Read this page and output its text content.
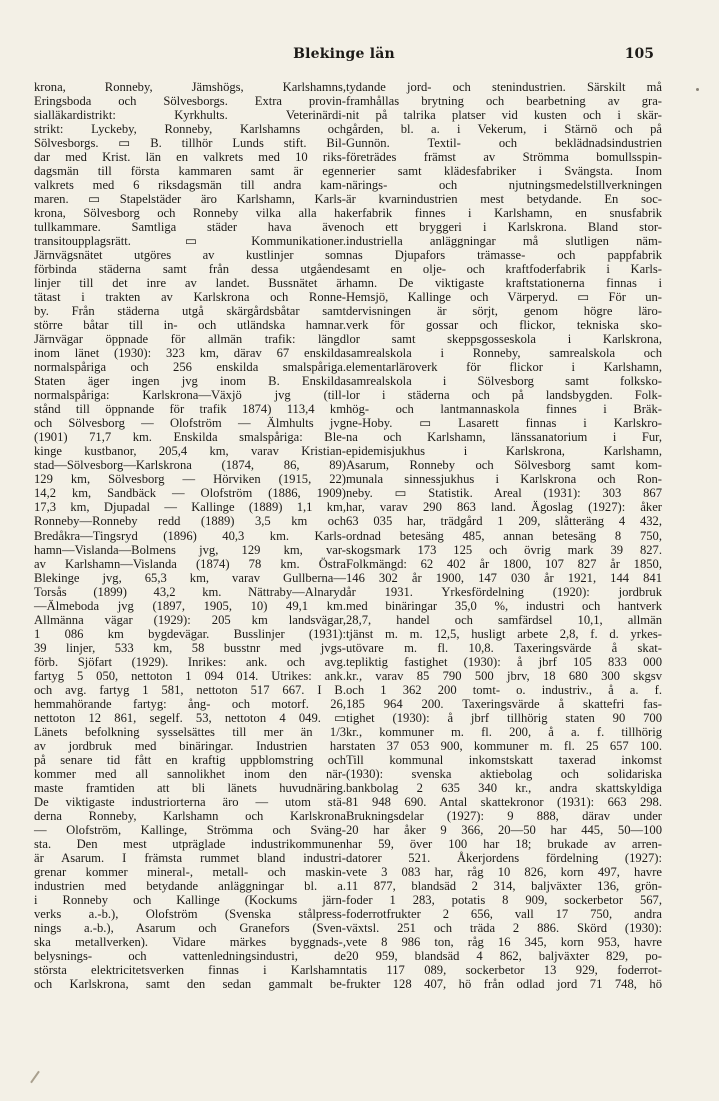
Blekinge län	105
krona, Ronneby, Jämshögs, Karlshamns,
Eringsboda och Sölvesborgs. Extra provin-
sialläkardistrikt: Kyrkhults. Veterinärdi-
strikt: Lyckeby, Ronneby, Karlshamns och
Sölvesborgs. ▭ B. tillhör Lunds stift. Bil-
dar med Krist. län en valkrets med 10 riks-
dagsmän till första kammaren samt är egen
valkrets med 6 riksdagsmän till andra kam-
maren. ▭ Stapelstäder äro Karlshamn, Karls-
krona, Sölvesborg och Ronneby vilka alla ha
tullkammare. Samtliga städer hava även
transitoupplagsrätt. ▭ Kommunikationer.
Järnvägsnätet utgöres av kustlinjer som
förbinda städerna samt från dessa utgående
linjer till det inre av landet. Bussnätet är
tätast i trakten av Karlskrona och Ronne-
by. Från städerna utgå skärgårdsbåtar samt
större båtar till in- och utländska hamnar.
Järnvägar öppnade för allmän trafik: längd
inom länet (1930): 323 km, därav 67 enskilda
normalspåriga och 256 enskilda smalspåriga.
Staten äger ingen jvg inom B. Enskilda
normalspåriga: Karlskrona—Växjö jvg (till-
stånd till öppnande för trafik 1874) 113,4 km
och Sölvesborg — Olofström — Älmhults jvg
(1901) 71,7 km. Enskilda smalspåriga: Ble-
kinge kustbanor, 205,4 km, varav Kristian-
stad—Sölvesborg—Karlskrona (1874, 86, 89)
129 km, Sölvesborg — Hörviken (1915, 22)
14,2 km, Sandbäck — Olofström (1886, 1909)
17,3 km, Djupadal — Kallinge (1889) 1,1 km,
Ronneby—Ronneby redd (1889) 3,5 km och
Bredåkra—Tingsryd (1896) 40,3 km. Karls-
hamn—Vislanda—Bolmens jvg, 129 km, var-
av Karlshamn—Vislanda (1874) 78 km. Östra
Blekinge jvg, 65,3 km, varav Gullberna—
Torsås (1899) 43,2 km. Nättraby—Alnaryd
—Älmeboda jvg (1897, 1905, 10) 49,1 km.
Allmänna vägar (1929): 205 km landsvägar,
1 086 km bygdevägar. Busslinjer (1931):
39 linjer, 533 km, 58 busstnr med jvgs-
förb. Sjöfart (1929). Inrikes: ank. och avg.
fartyg 5 050, nettoton 1 094 014. Utrikes: ank.
och avg. fartyg 1 581, nettoton 517 667. I B.
hemmahörande fartyg: ång- och motorf. 26,
nettoton 12 861, segelf. 53, nettoton 4 049. ▭
Länets befolkning sysselsättes till mer än 1/3
av jordbruk med binäringar. Industrien har
på senare tid fått en kraftig uppblomstring och
kommer med all sannolikhet inom den när-
maste framtiden att bli länets huvudnäring.
De viktigaste industriorterna äro — utom stä-
derna Ronneby, Karlshamn och Karlskrona
— Olofström, Kallinge, Strömma och Sväng-
sta. Den mest utpräglade industrikommunen
är Asarum. I främsta rummet bland industri-
grenar kommer mineral-, metall- och maskin-
industrien med betydande anläggningar bl. a.
i Ronneby och Kallinge (Kockums järn-
verks a.-b.), Olofström (Svenska stålpress-
nings a.-b.), Asarum och Granefors (Sven-
ska metallverken). Vidare märkes byggnads-,
belysnings- och vattenledningsindustri, de
största elektricitetsverken finnas i Karlshamn
och Karlskrona, samt den sedan gammalt be-
tydande jord- och stenindustrien. Särskilt må
framhållas brytning och bearbetning av gra-
nit på talrika platser vid kusten och i skär-
gården, bl. a. i Vekerum, i Stärnö och på
Gunnön. Textil- och beklädnadsindustrien
företrädes främst av Strömma bomullsspin-
nerier samt klädesfabriker i Svängsta. Inom
närings- och njutningsmedelstillverkningen
är kvarnindustrien mest betydande. En soc-
kerfabrik finnes i Karlshamn, en snusfabrik
och ett bryggeri i Karlskrona. Bland stor-
industriella anläggningar må slutligen näm-
nas Djupafors trämasse- och pappfabrik
samt en olje- och kraftfoderfabrik i Karls-
hamn. De viktigaste kraftstationerna finnas i
Hemsjö, Kallinge och Värperyd. ▭ För un-
dervisningen är sörjt, genom högre läro-
verk för gossar och flickor, tekniska sko-
lor samt skeppsgosseskola i Karlskrona,
samrealskola i Ronneby, samrealskola och
elementarläroverk för flickor i Karlshamn,
samrealskola i Sölvesborg samt folksko-
lor i städerna och på landsbygden. Folk-
hög- och lantmannaskola finnes i Bräk-
ne-Hoby. ▭ Lasarett finnas i Karlskro-
na och Karlshamn, länssanatorium i Fur,
epidemisjukhus i Karlskrona, Karlshamn,
Asarum, Ronneby och Sölvesborg samt kom-
munala sinnessjukhus i Karlskrona och Ron-
neby. ▭ Statistik. Areal (1931): 303 867
har, varav 290 863 land. Ägoslag (1927): åker
63 035 har, trädgård 1 209, slåtteräng 4 432,
ordnad betesäng 485, annan betesäng 8 750,
skogsmark 173 125 och övrig mark 39 827.
Folkmängd: 62 402 år 1800, 107 827 år 1850,
146 302 år 1900, 147 030 år 1921, 144 841
år 1931. Yrkesfördelning (1920): jordbruk
med binäringar 35,0 %, industri och hantverk
28,7, handel och samfärdsel 10,1, allmän
tjänst m. m. 12,5, husligt arbete 2,8, f. d. yrkes-
utövare m. fl. 10,8. Taxeringsvärde å skat-
tepliktig fastighet (1930): å jbrf 105 833 000
kr., varav 85 790 500 jbrv, 18 680 300 skgsv
och 1 362 200 tomt- o. industriv., å a. f.
185 964 200. Taxeringsvärde å skattefri fas-
tighet (1930): å jbrf tillhörig staten 90 700
kr., kommuner m. fl. 200, å a. f. tillhörig
staten 37 053 900, kommuner m. fl. 25 657 100.
Till kommunal inkomstskatt taxerad inkomst
(1930): svenska aktiebolag och solidariska
bankbolag 2 635 340 kr., andra skattskyldiga
81 948 690. Antal skattekronor (1931): 663 298.
Brukningsdelar (1927): 9 888, därav under
20 har åker 9 366, 20—50 har 445, 50—100
har 59, över 100 har 18; brukade av arren-
datorer 521. Åkerjordens fördelning (1927):
vete 3 083 har, råg 10 826, korn 497, havre
11 877, blandsäd 2 314, baljväxter 136, grön-
foder 1 283, potatis 8 909, sockerbetor 567,
foderrotfrukter 2 656, vall 17 750, andra
växtsl. 251 och träda 2 886. Skörd (1930):
vete 8 986 ton, råg 16 345, korn 953, havre
20 959, blandsäd 4 862, baljväxter 829, po-
tatis 117 089, sockerbetor 13 929, foderrot-
frukter 128 407, hö från odlad jord 71 748, hö
